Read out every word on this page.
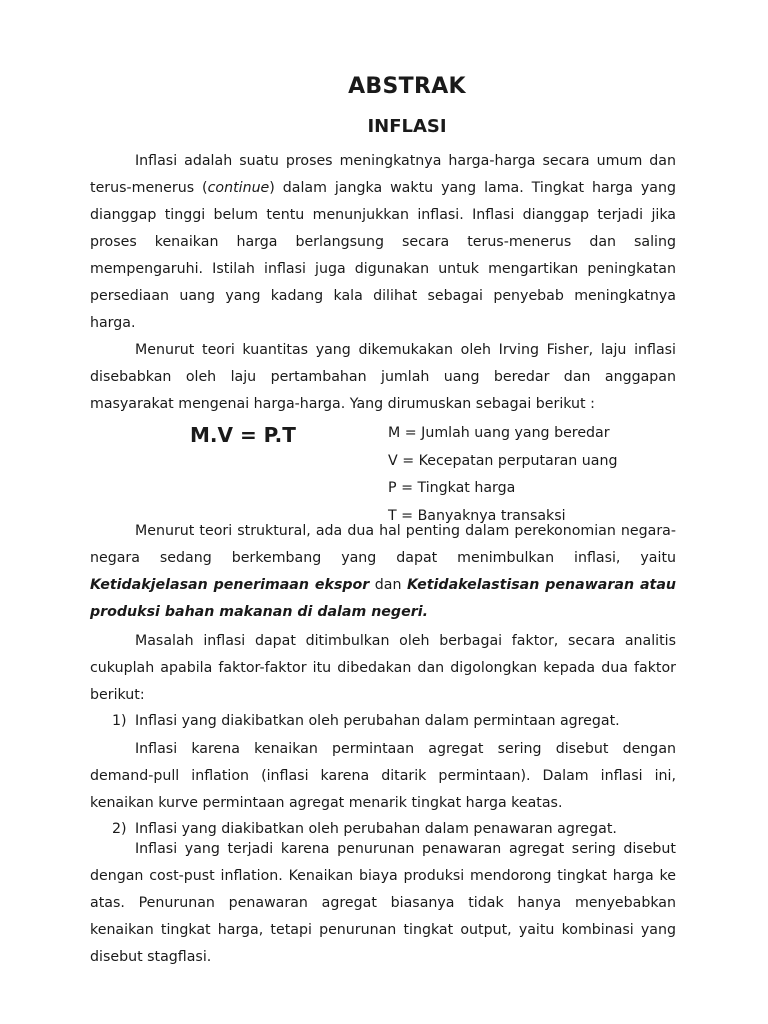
ABSTRAK
INFLASI

Inflasi adalah suatu proses meningkatnya harga-harga secara umum dan terus-menerus (continue) dalam jangka waktu yang lama. Tingkat harga yang dianggap tinggi belum tentu menunjukkan inflasi. Inflasi dianggap terjadi jika proses kenaikan harga berlangsung secara terus-menerus dan saling mempengaruhi. Istilah inflasi juga digunakan untuk mengartikan peningkatan persediaan uang yang kadang kala dilihat sebagai penyebab meningkatnya harga.

Menurut teori kuantitas yang dikemukakan oleh Irving Fisher, laju inflasi disebabkan oleh laju pertambahan jumlah uang beredar dan anggapan masyarakat mengenai harga-harga. Yang dirumuskan sebagai berikut :

M.V = P.T	M = Jumlah uang yang beredar
V = Kecepatan perputaran uang
P = Tingkat harga
T = Banyaknya transaksi

Menurut teori struktural, ada dua hal penting dalam perekonomian negara-negara sedang berkembang yang dapat menimbulkan inflasi, yaitu Ketidakjelasan penerimaan ekspor dan Ketidakelastisan penawaran atau produksi bahan makanan di dalam negeri.

Masalah inflasi dapat ditimbulkan oleh berbagai faktor, secara analitis cukuplah apabila faktor-faktor itu dibedakan dan digolongkan kepada dua faktor berikut:

1) Inflasi yang diakibatkan oleh perubahan dalam permintaan agregat.

Inflasi karena kenaikan permintaan agregat sering disebut dengan demand-pull inflation (inflasi karena ditarik permintaan). Dalam inflasi ini, kenaikan kurve permintaan agregat menarik tingkat harga keatas.

2) Inflasi yang diakibatkan oleh perubahan dalam penawaran agregat.

Inflasi yang terjadi karena penurunan penawaran agregat sering disebut dengan cost-pust inflation. Kenaikan biaya produksi mendorong tingkat harga ke atas. Penurunan penawaran agregat biasanya tidak hanya menyebabkan kenaikan tingkat harga, tetapi penurunan tingkat output, yaitu kombinasi yang disebut stagflasi.
